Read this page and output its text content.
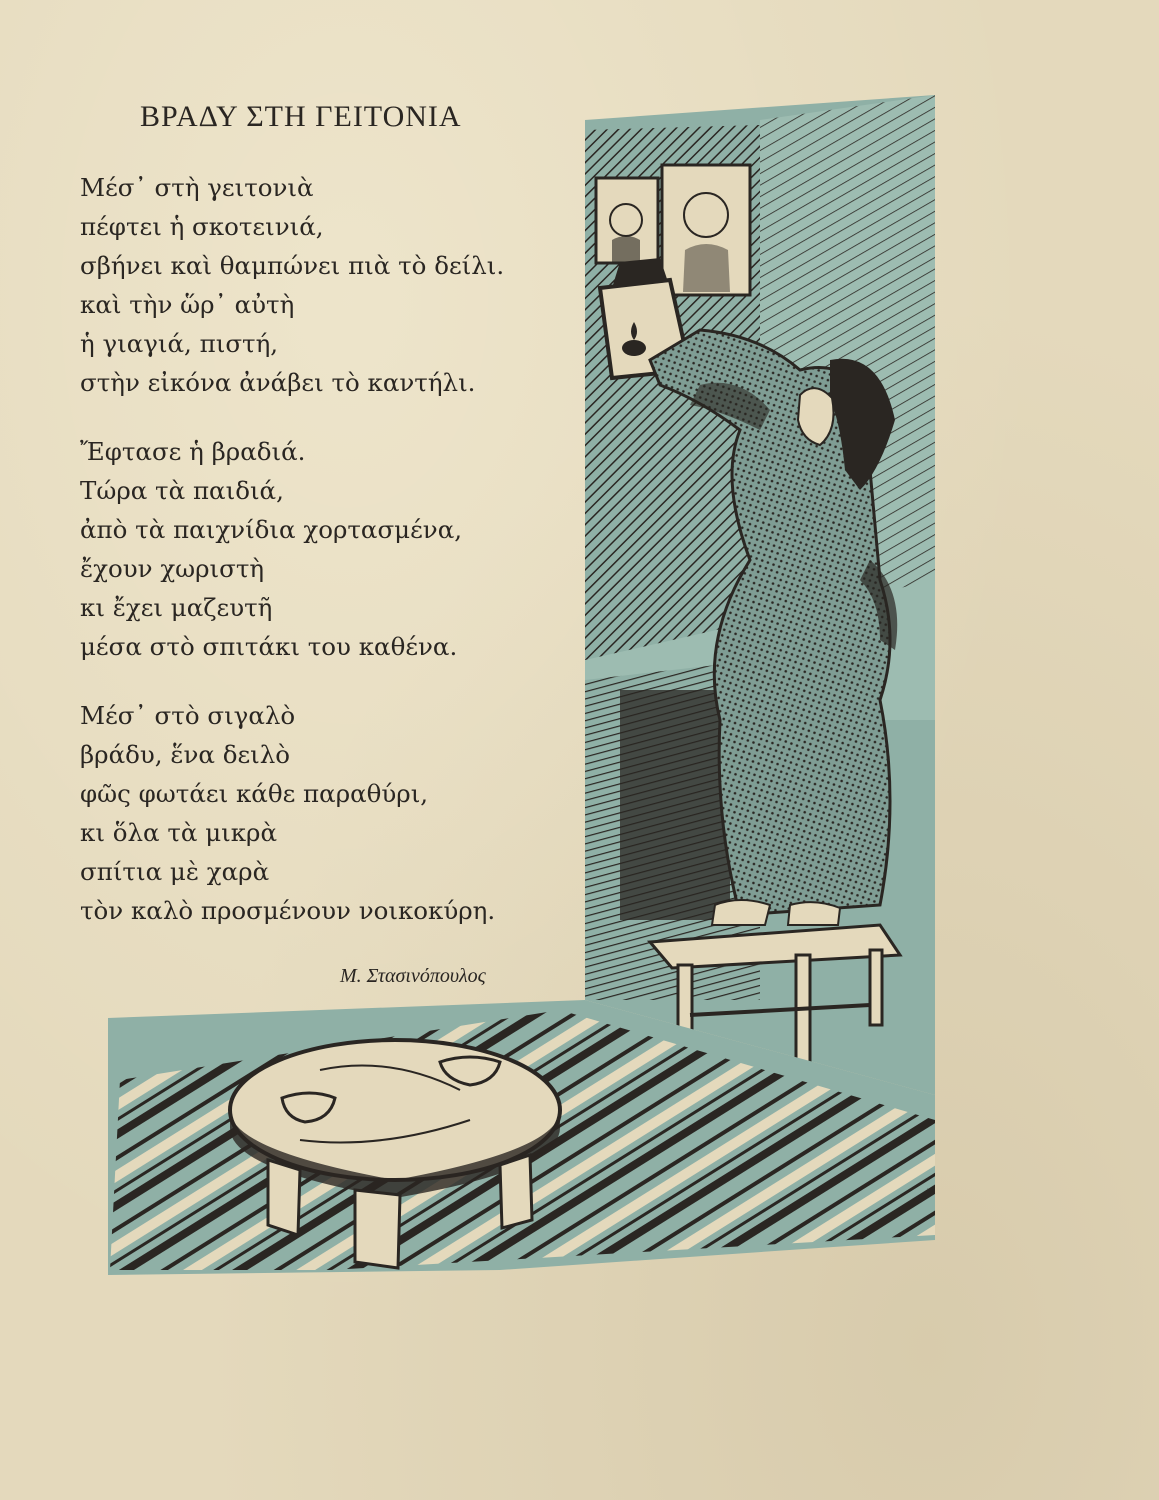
ΒΡΑΔΥ ΣΤΗ ΓΕΙΤΟΝΙΑ
Μέσ᾽ στὴ γειτονιὰ
πέφτει ἡ σκοτεινιά,
σβήνει καὶ θαμπώνει πιὰ τὸ δείλι.
καὶ τὴν ὥρ᾽ αὐτὴ
ἡ γιαγιά, πιστή,
στὴν εἰκόνα ἀνάβει τὸ καντήλι.
Ἔφτασε ἡ βραδιά.
Τώρα τὰ παιδιά,
ἀπὸ τὰ παιχνίδια χορτασμένα,
ἔχουν χωριστὴ
κι ἔχει μαζευτῆ
μέσα στὸ σπιτάκι του καθένα.
Μέσ᾽ στὸ σιγαλὸ
βράδυ, ἕνα δειλὸ
φῶς φωτάει κάθε παραθύρι,
κι ὅλα τὰ μικρὰ
σπίτια μὲ χαρὰ
τὸν καλὸ προσμένουν νοικοκύρη.
Μ. Στασινόπουλος
